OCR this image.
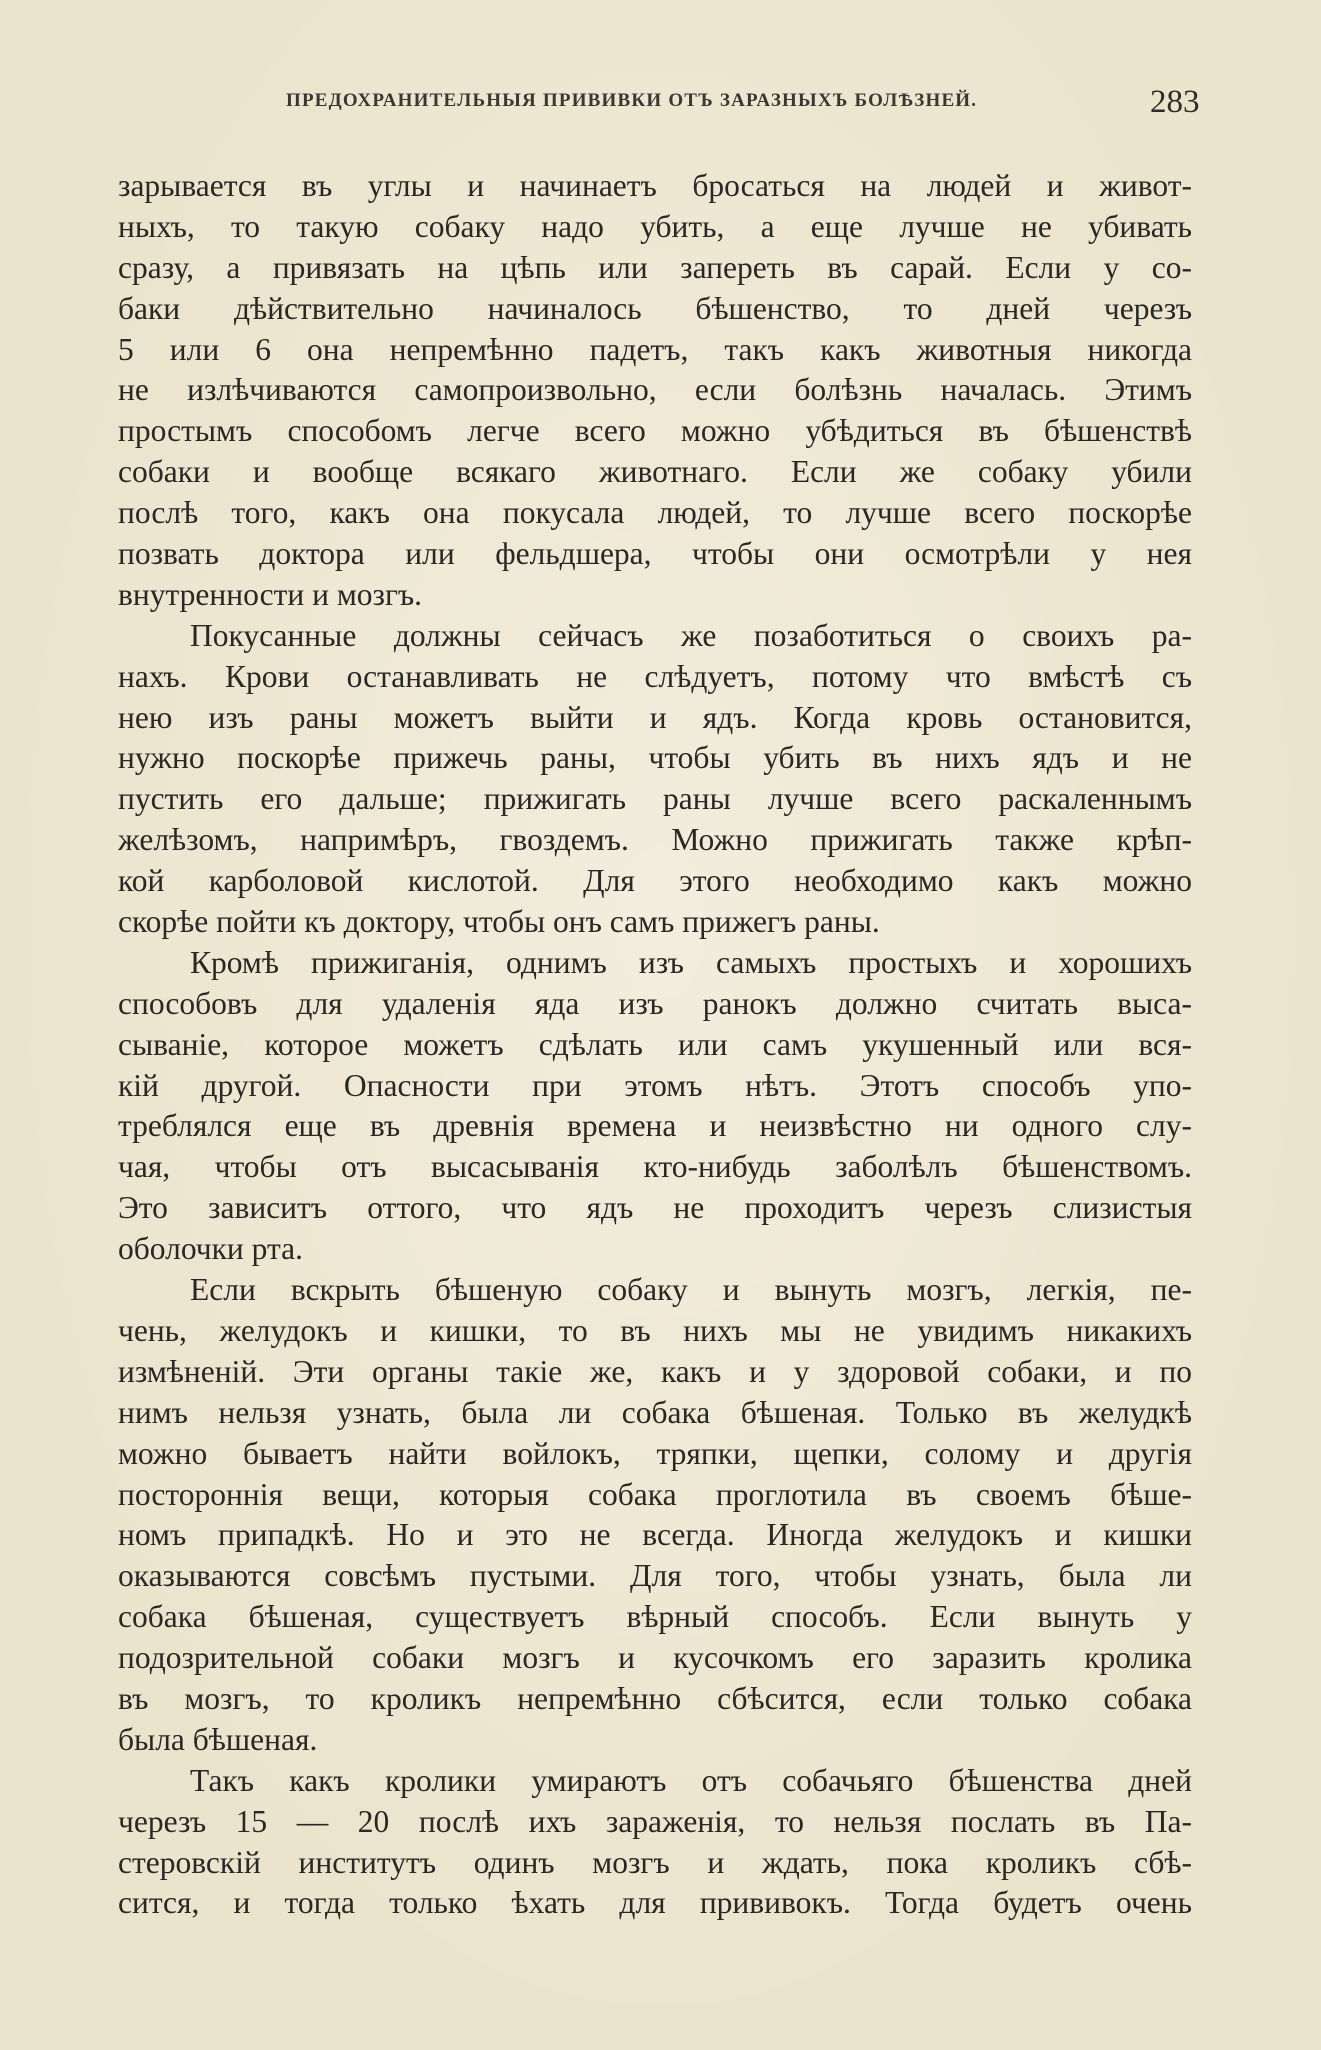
ПРЕДОХРАНИТЕЛЬНЫЯ ПРИВИВКИ ОТЪ ЗАРАЗНЫХЪ БОЛѢЗНЕЙ.	283
зарывается въ углы и начинаетъ бросаться на людей и живот-
ныхъ, то такую собаку надо убить, а еще лучше не убивать
сразу, а привязать на цѣпь или запереть въ сарай. Если у со-
баки дѣйствительно начиналось бѣшенство, то дней черезъ
5 или 6 она непремѣнно падетъ, такъ какъ животныя никогда
не излѣчиваются самопроизвольно, если болѣзнь началась. Этимъ
простымъ способомъ легче всего можно убѣдиться въ бѣшенствѣ
собаки и вообще всякаго животнаго. Если же собаку убили
послѣ того, какъ она покусала людей, то лучше всего поскорѣе
позвать доктора или фельдшера, чтобы они осмотрѣли у нея
внутренности и мозгъ.
Покусанные должны сейчасъ же позаботиться о своихъ ра-
нахъ. Крови останавливать не слѣдуетъ, потому что вмѣстѣ съ
нею изъ раны можетъ выйти и ядъ. Когда кровь остановится,
нужно поскорѣе прижечь раны, чтобы убить въ нихъ ядъ и не
пустить его дальше; прижигать раны лучше всего раскаленнымъ
желѣзомъ, напримѣръ, гвоздемъ. Можно прижигать также крѣп-
кой карболовой кислотой. Для этого необходимо какъ можно
скорѣе пойти къ доктору, чтобы онъ самъ прижегъ раны.
Кромѣ прижиганія, однимъ изъ самыхъ простыхъ и хорошихъ
способовъ для удаленія яда изъ ранокъ должно считать выса-
сываніе, которое можетъ сдѣлать или самъ укушенный или вся-
кій другой. Опасности при этомъ нѣтъ. Этотъ способъ упо-
треблялся еще въ древнія времена и неизвѣстно ни одного слу-
чая, чтобы отъ высасыванія кто-нибудь заболѣлъ бѣшенствомъ.
Это зависитъ оттого, что ядъ не проходитъ черезъ слизистыя
оболочки рта.
Если вскрыть бѣшеную собаку и вынуть мозгъ, легкія, пе-
чень, желудокъ и кишки, то въ нихъ мы не увидимъ никакихъ
измѣненій. Эти органы такіе же, какъ и у здоровой собаки, и по
нимъ нельзя узнать, была ли собака бѣшеная. Только въ желудкѣ
можно бываетъ найти войлокъ, тряпки, щепки, солому и другія
постороннія вещи, которыя собака проглотила въ своемъ бѣше-
номъ припадкѣ. Но и это не всегда. Иногда желудокъ и кишки
оказываются совсѣмъ пустыми. Для того, чтобы узнать, была ли
собака бѣшеная, существуетъ вѣрный способъ. Если вынуть у
подозрительной собаки мозгъ и кусочкомъ его заразить кролика
въ мозгъ, то кроликъ непремѣнно сбѣсится, если только собака
была бѣшеная.
Такъ какъ кролики умираютъ отъ собачьяго бѣшенства дней
черезъ 15 — 20 послѣ ихъ зараженія, то нельзя послать въ Па-
стеровскій институтъ одинъ мозгъ и ждать, пока кроликъ сбѣ-
сится, и тогда только ѣхать для прививокъ. Тогда будетъ очень
